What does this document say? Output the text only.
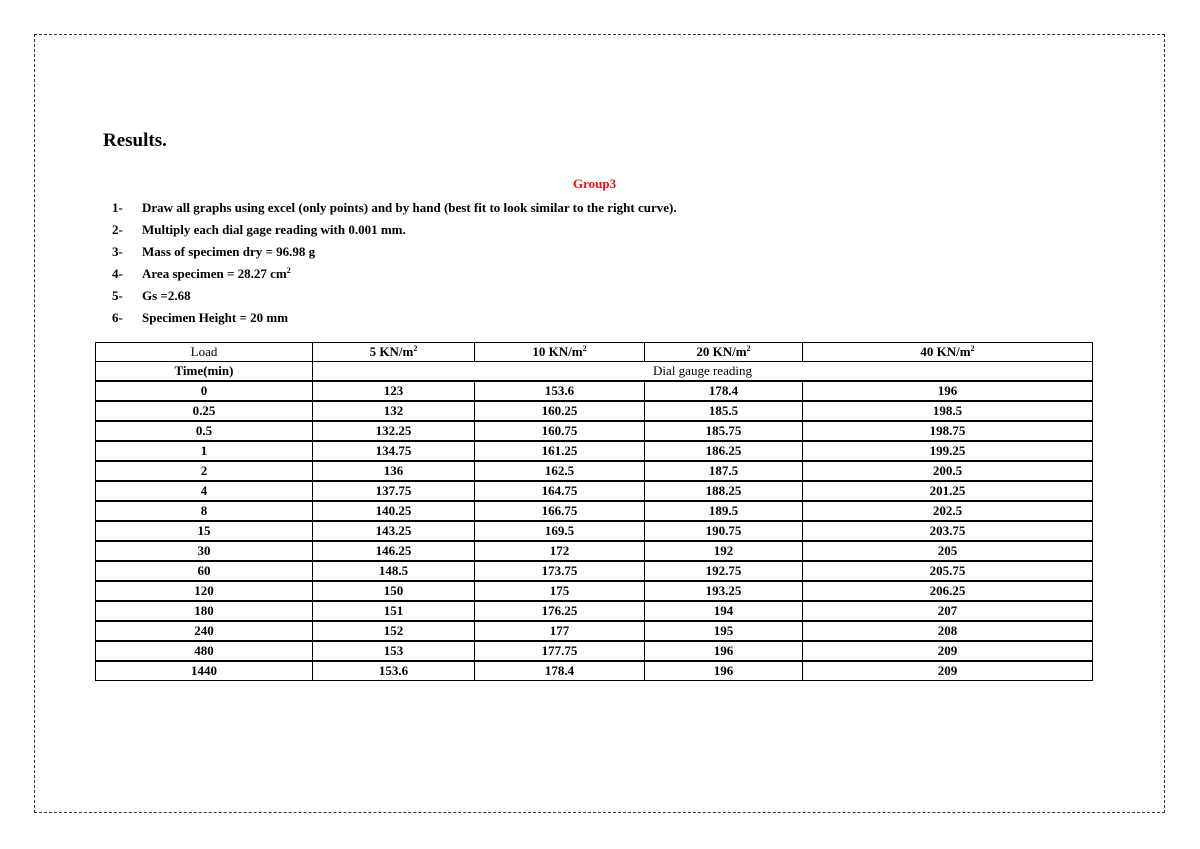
Results.
Group3
1- Draw all graphs using excel (only points) and by hand (best fit to look similar to the right curve).
2- Multiply each dial gage reading with 0.001 mm.
3- Mass of specimen dry = 96.98 g
4- Area specimen = 28.27 $cm^2$
5- Gs =2.68
6- Specimen Height = 20 mm
Load	5 $KN/m^2$	10 $KN/m^2$	20 $KN/m^2$	40 $KN/m^2$
Time(min)	Dial gauge reading			
0	123	153.6	178.4	196
0.25	132	160.25	185.5	198.5
0.5	132.25	160.75	185.75	198.75
1	134.75	161.25	186.25	199.25
2	136	162.5	187.5	200.5
4	137.75	164.75	188.25	201.25
8	140.25	166.75	189.5	202.5
15	143.25	169.5	190.75	203.75
30	146.25	172	192	205
60	148.5	173.75	192.75	205.75
120	150	175	193.25	206.25
180	151	176.25	194	207
240	152	177	195	208
480	153	177.75	196	209
1440	153.6	178.4	196	209
